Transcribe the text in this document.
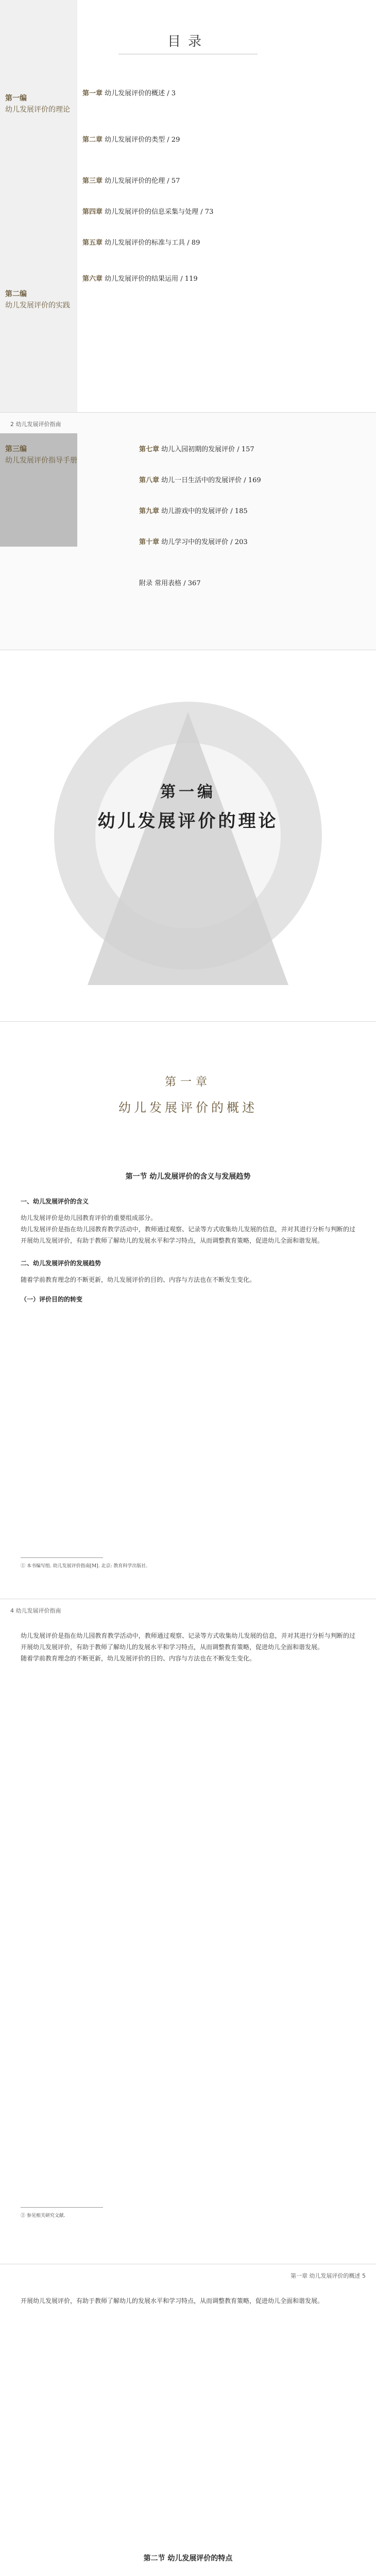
目录
第一编
幼儿发展评价的理论
第二编
幼儿发展评价的实践
第一章 幼儿发展评价的概述 / 3
第二章 幼儿发展评价的类型 / 29
第三章 幼儿发展评价的伦理 / 57
第四章 幼儿发展评价的信息采集与处理 / 73
第五章 幼儿发展评价的标准与工具 / 89
第六章 幼儿发展评价的结果运用 / 119
2 幼儿发展评价指南
第三编
幼儿发展评价指导手册
第七章 幼儿入园初期的发展评价 / 157
第八章 幼儿一日生活中的发展评价 / 169
第九章 幼儿游戏中的发展评价 / 185
第十章 幼儿学习中的发展评价 / 203
附录 常用表格 / 367
第一编
幼儿发展评价的理论
第一章
幼儿发展评价的概述
第一节 幼儿发展评价的含义与发展趋势
一、幼儿发展评价的含义
幼儿发展评价是幼儿园教育评价的重要组成部分。
幼儿发展评价是指在幼儿园教育教学活动中，教师通过观察、记录等方式收集幼儿发展的信息，并对其进行分析与判断的过
开展幼儿发展评价，有助于教师了解幼儿的发展水平和学习特点，从而调整教育策略，促进幼儿全面和谐发展。
二、幼儿发展评价的发展趋势
随着学前教育理念的不断更新，幼儿发展评价的目的、内容与方法也在不断发生变化。
（一）评价目的的转变
① 本书编写组. 幼儿发展评价指南[M]. 北京: 教育科学出版社.
4 幼儿发展评价指南
幼儿发展评价是指在幼儿园教育教学活动中，教师通过观察、记录等方式收集幼儿发展的信息，并对其进行分析与判断的过
开展幼儿发展评价，有助于教师了解幼儿的发展水平和学习特点，从而调整教育策略，促进幼儿全面和谐发展。
随着学前教育理念的不断更新，幼儿发展评价的目的、内容与方法也在不断发生变化。
② 参见相关研究文献.
第一章 幼儿发展评价的概述 5
开展幼儿发展评价，有助于教师了解幼儿的发展水平和学习特点，从而调整教育策略，促进幼儿全面和谐发展。
第二节 幼儿发展评价的特点
